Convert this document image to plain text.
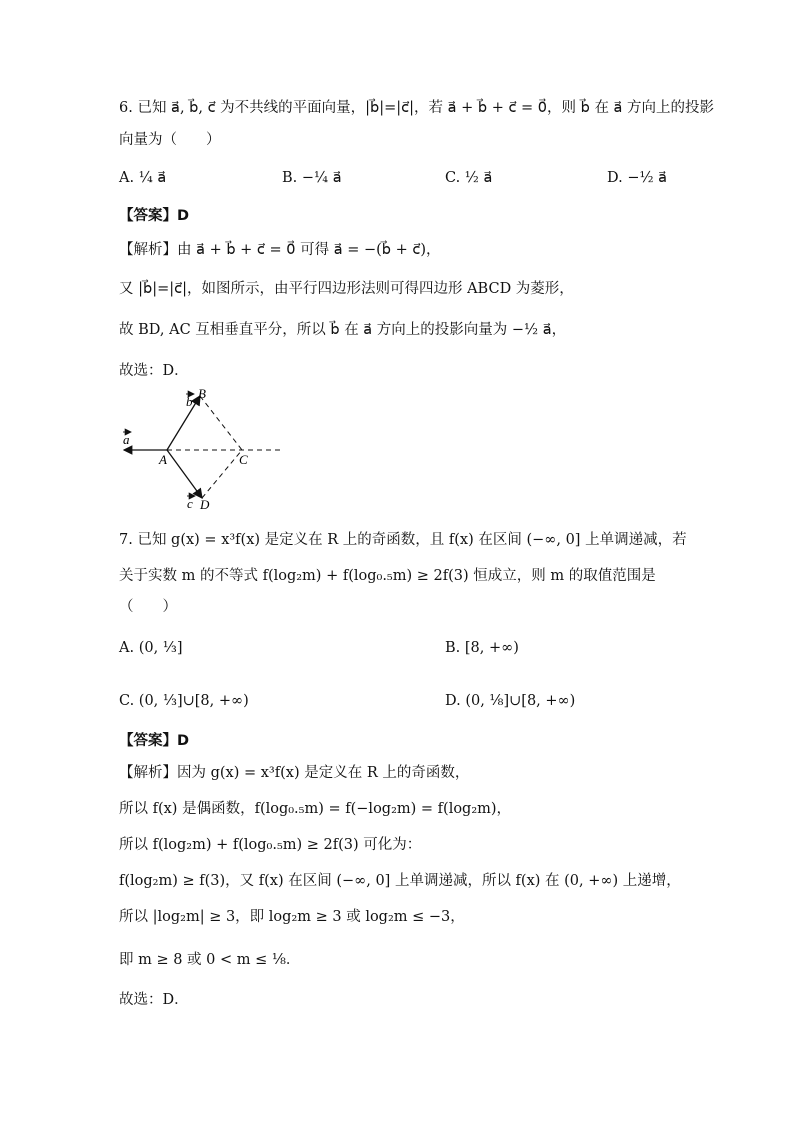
6. 已知 a⃗, b⃗, c⃗ 为不共线的平面向量，|b⃗|=|c⃗|，若 a⃗ + b⃗ + c⃗ = 0⃗，则 b⃗ 在 a⃗ 方向上的投影
向量为（　　）
A. ¼ a⃗	B. −¼ a⃗	C. ½ a⃗	D. −½ a⃗
【答案】D
【解析】由 a⃗ + b⃗ + c⃗ = 0⃗ 可得 a⃗ = −(b⃗ + c⃗)，
又 |b⃗|=|c⃗|，如图所示，由平行四边形法则可得四边形 ABCD 为菱形，
故 BD, AC 互相垂直平分，所以 b⃗ 在 a⃗ 方向上的投影向量为 −½ a⃗，
故选：D．
a
b
c
B
A	C
D
7. 已知 g(x) = x³f(x) 是定义在 R 上的奇函数，且 f(x) 在区间 (−∞, 0] 上单调递减，若
关于实数 m 的不等式 f(log₂m) + f(log₀.₅m) ≥ 2f(3) 恒成立，则 m 的取值范围是
（　　）
A. (0, ⅓]	B. [8, +∞)
C. (0, ⅓]∪[8, +∞)	D. (0, ⅛]∪[8, +∞)
【答案】D
【解析】因为 g(x) = x³f(x) 是定义在 R 上的奇函数，
所以 f(x) 是偶函数，f(log₀.₅m) = f(−log₂m) = f(log₂m)，
所以 f(log₂m) + f(log₀.₅m) ≥ 2f(3) 可化为：
f(log₂m) ≥ f(3)，又 f(x) 在区间 (−∞, 0] 上单调递减，所以 f(x) 在 (0, +∞) 上递增，
所以 |log₂m| ≥ 3，即 log₂m ≥ 3 或 log₂m ≤ −3，
即 m ≥ 8 或 0 < m ≤ ⅛．
故选：D．
